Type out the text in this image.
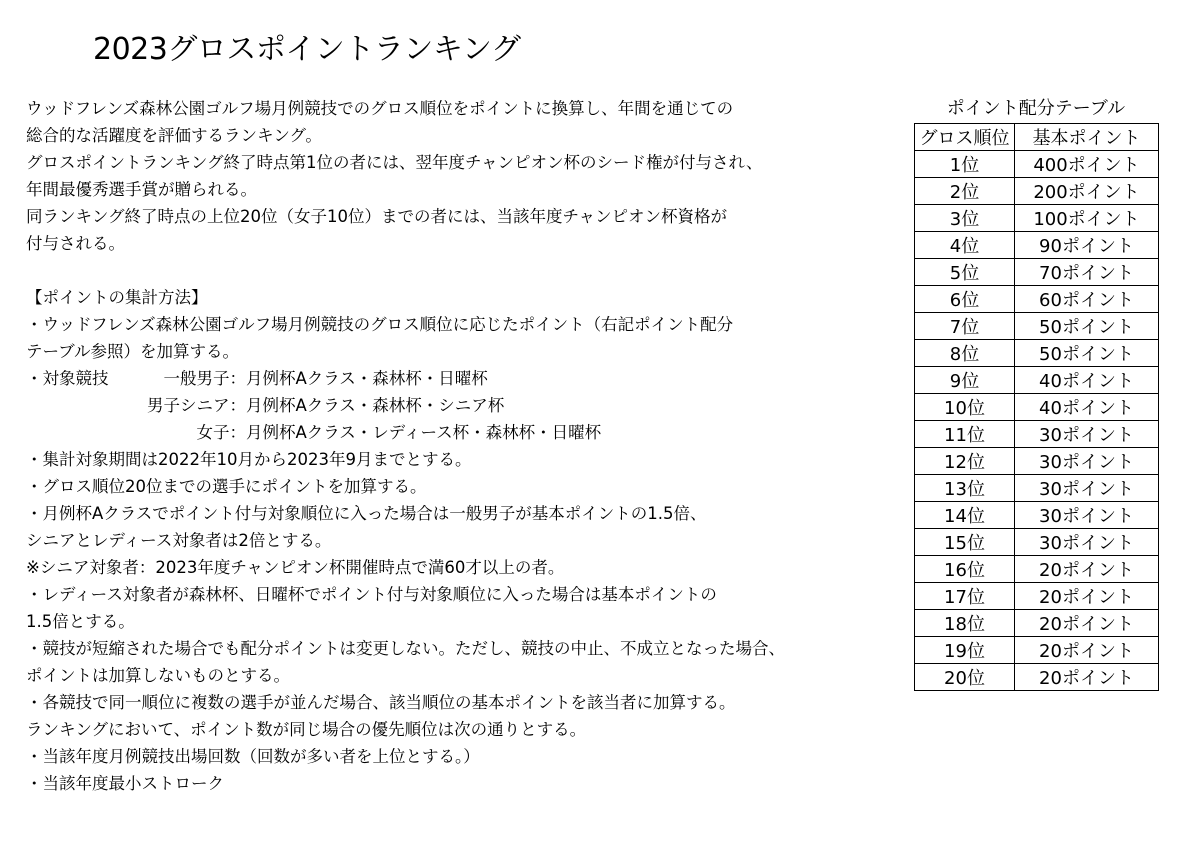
2023グロスポイントランキング
ウッドフレンズ森林公園ゴルフ場月例競技でのグロス順位をポイントに換算し、年間を通じての
総合的な活躍度を評価するランキング。
グロスポイントランキング終了時点第1位の者には、翌年度チャンピオン杯のシード権が付与され、
年間最優秀選手賞が贈られる。
同ランキング終了時点の上位20位（女子10位）までの者には、当該年度チャンピオン杯資格が
付与される。
【ポイントの集計方法】
・ウッドフレンズ森林公園ゴルフ場月例競技のグロス順位に応じたポイント（右記ポイント配分
テーブル参照）を加算する。
・対象競技	一般男子： 月例杯Aクラス・森林杯・日曜杯
男子シニア： 月例杯Aクラス・森林杯・シニア杯
女子： 月例杯Aクラス・レディース杯・森林杯・日曜杯
・集計対象期間は2022年10月から2023年9月までとする。
・グロス順位20位までの選手にポイントを加算する。
・月例杯Aクラスでポイント付与対象順位に入った場合は一般男子が基本ポイントの1.5倍、
シニアとレディース対象者は2倍とする。
※シニア対象者：2023年度チャンピオン杯開催時点で満60才以上の者。
・レディース対象者が森林杯、日曜杯でポイント付与対象順位に入った場合は基本ポイントの
1.5倍とする。
・競技が短縮された場合でも配分ポイントは変更しない。ただし、競技の中止、不成立となった場合、
ポイントは加算しないものとする。
・各競技で同一順位に複数の選手が並んだ場合、該当順位の基本ポイントを該当者に加算する。
ランキングにおいて、ポイント数が同じ場合の優先順位は次の通りとする。
・当該年度月例競技出場回数（回数が多い者を上位とする。）
・当該年度最小ストローク
ポイント配分テーブル
グロス順位	基本ポイント
1位	400ポイント
2位	200ポイント
3位	100ポイント
4位	90ポイント
5位	70ポイント
6位	60ポイント
7位	50ポイント
8位	50ポイント
9位	40ポイント
10位	40ポイント
11位	30ポイント
12位	30ポイント
13位	30ポイント
14位	30ポイント
15位	30ポイント
16位	20ポイント
17位	20ポイント
18位	20ポイント
19位	20ポイント
20位	20ポイント
